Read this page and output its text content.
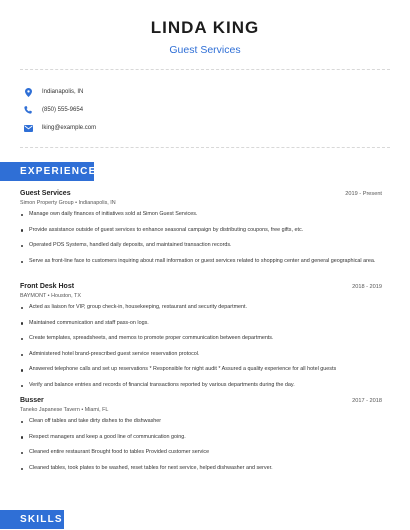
LINDA KING
Guest Services
Indianapolis, IN
(850) 555-9654
lking@example.com
EXPERIENCE
Guest Services	2019 - Present
Simon Property Group • Indianapolis, IN
Manage own daily finances of initiatives sold at Simon Guest Services.
Provide assistance outside of guest services to enhance seasonal campaign by distributing coupons, free gifts, etc.
Operated POS Systems, handled daily deposits, and maintained transaction records.
Serve as front-line face to customers inquiring about mall information or guest services related to shopping center and general geographical area.
Front Desk Host	2018 - 2019
BAYMONT • Houston, TX
Acted as liaison for VIP, group check-in, housekeeping, restaurant and security department.
Maintained communication and staff pass-on logs.
Create templates, spreadsheets, and memos to promote proper communication between departments.
Administered hotel brand-prescribed guest service reservation protocol.
Answered telephone calls and set up reservations * Responsible for night audit * Assured a quality experience for all hotel guests
Verify and balance entries and records of financial transactions reported by various departments during the day.
Busser	2017 - 2018
Taneko Japanese Tavern • Miami, FL
Clean off tables and take dirty dishes to the dishwasher
Respect managers and keep a good line of communication going.
Cleaned entire restaurant Brought food to tables Provided customer service
Cleaned tables, took plates to be washed, reset tables for next service, helped dishwasher and server.
SKILLS
